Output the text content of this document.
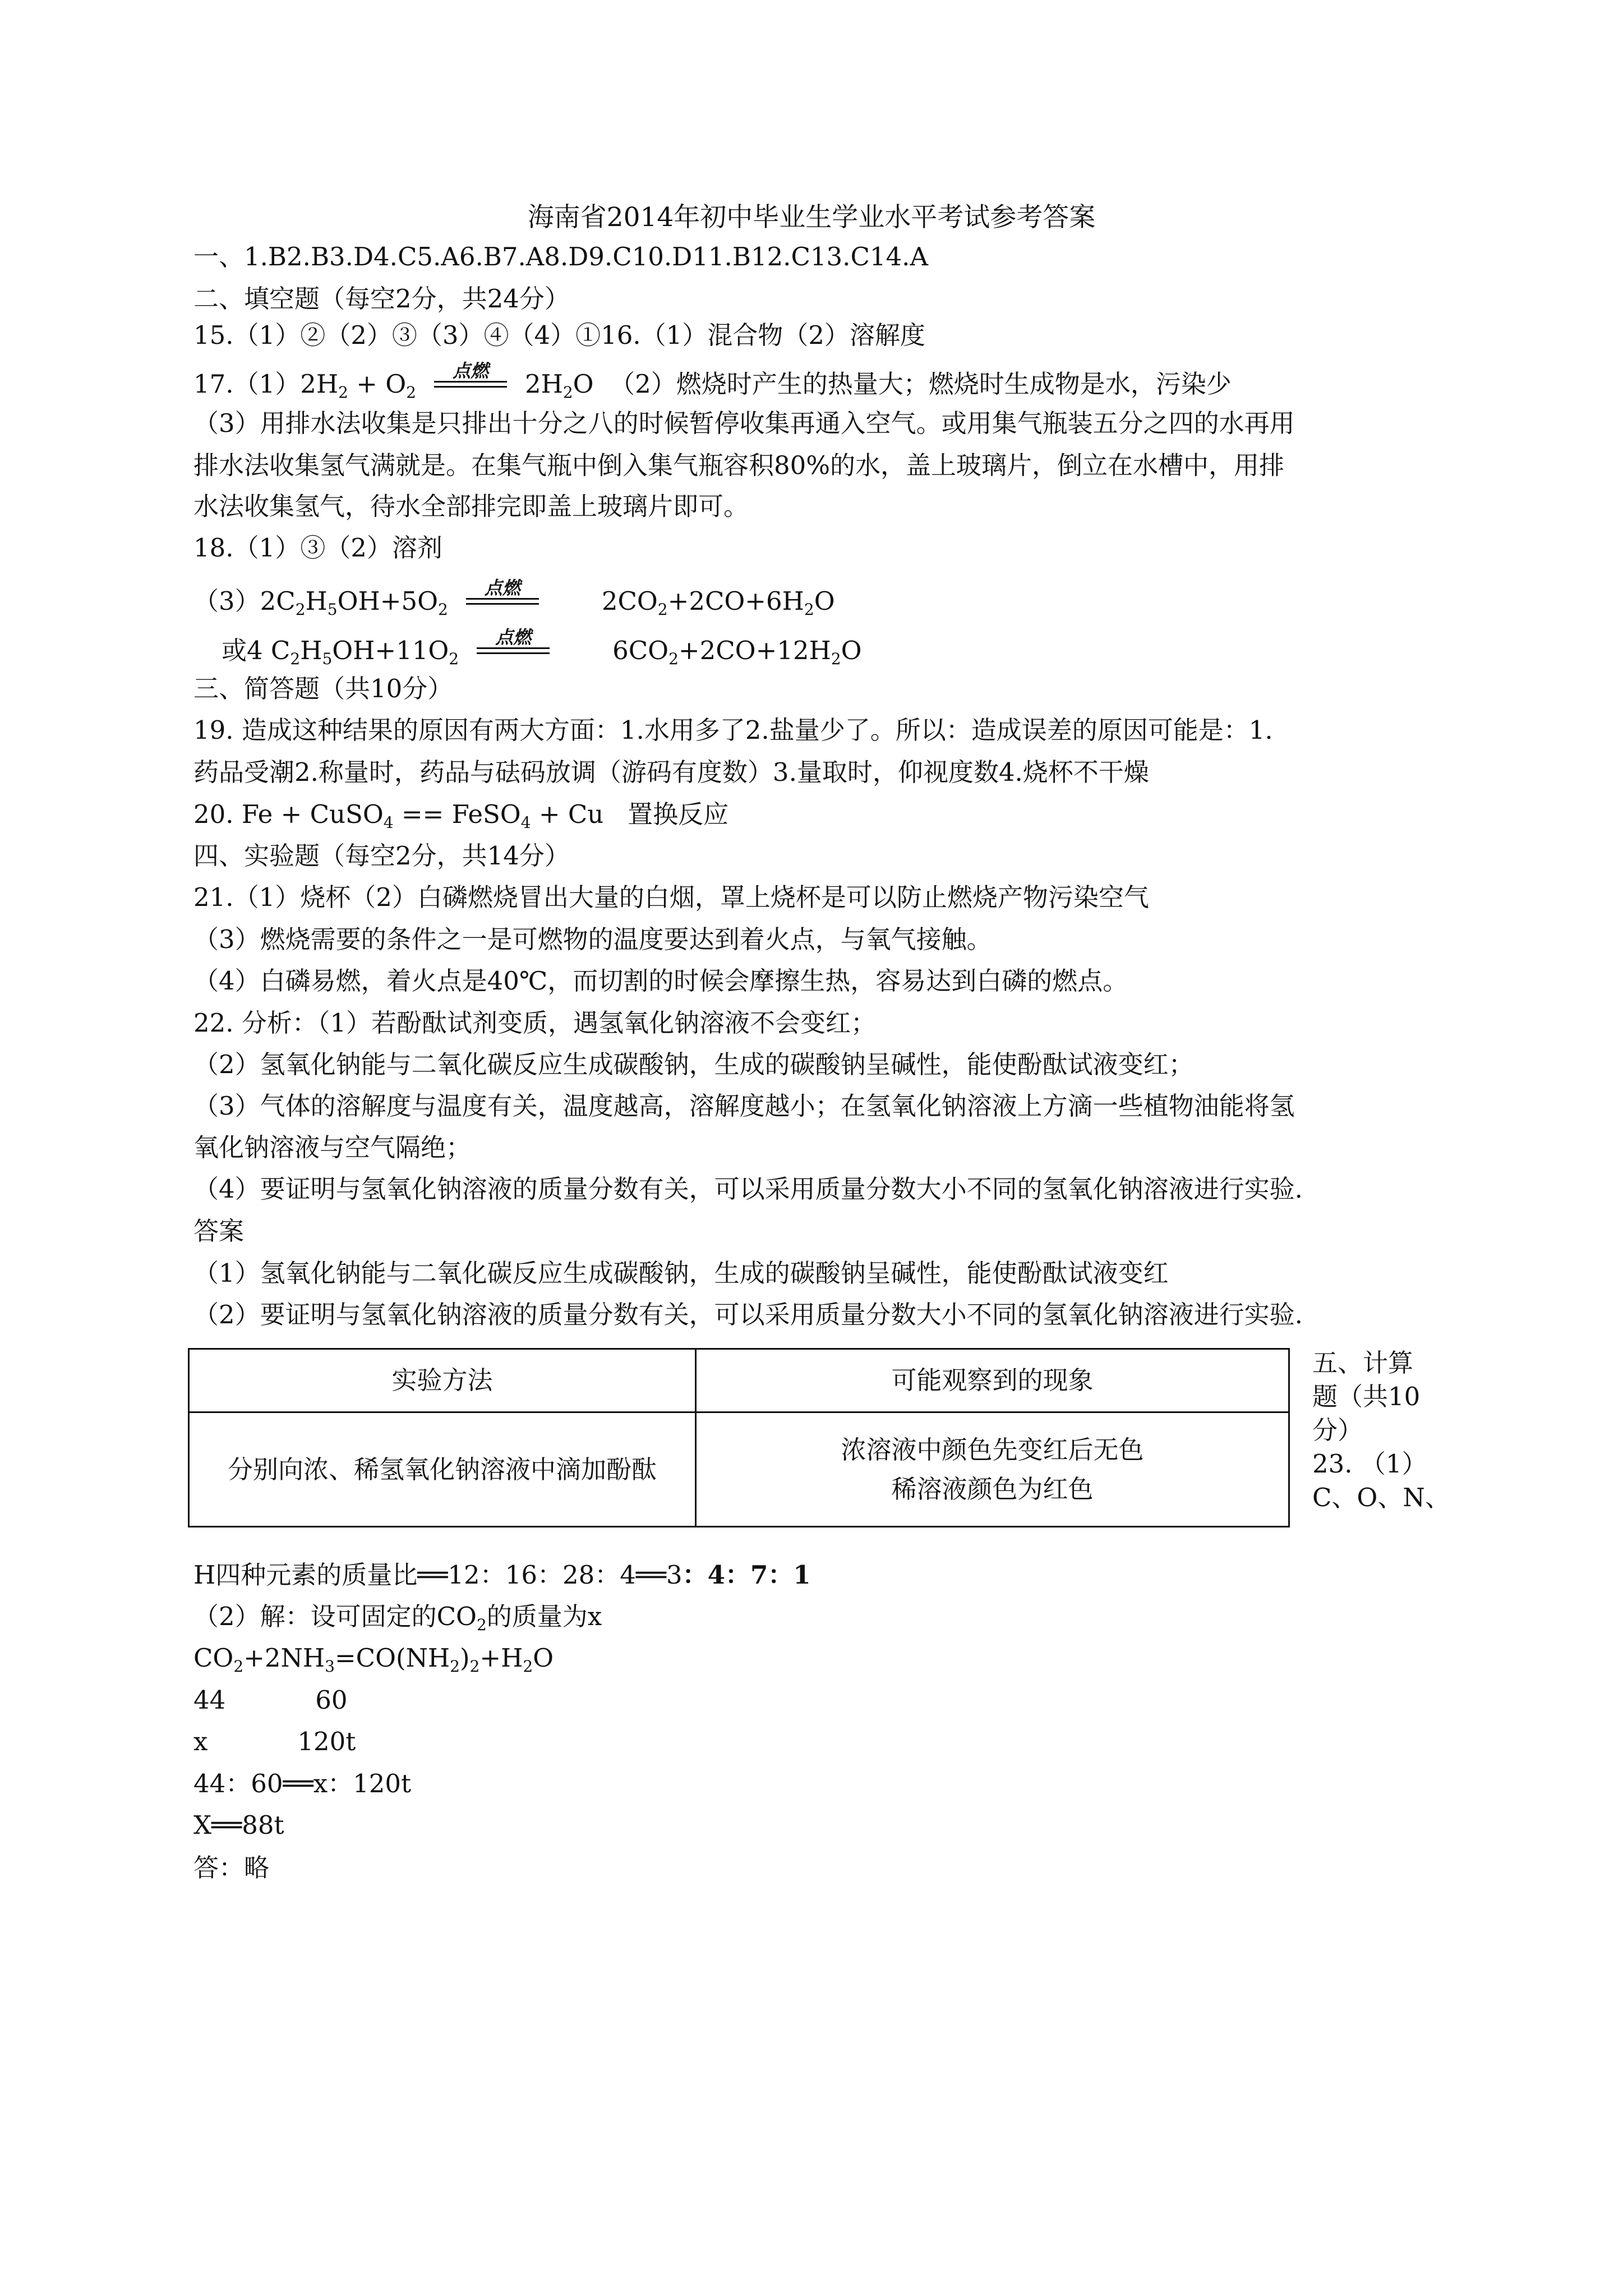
海南省2014年初中毕业生学业水平考试参考答案
一、1.B2.B3.D4.C5.A6.B7.A8.D9.C10.D11.B12.C13.C14.A
二、填空题（每空2分，共24分）
15.（1）②（2）③（3）④（4）①16.（1）混合物（2）溶解度
$17.(1)2H_2 + O_2$
点燃	$2H_2O$ （2）燃烧时产生的热量大；燃烧时生成物是水，污染少
（3）用排水法收集是只排出十分之八的时候暂停收集再通入空气。或用集气瓶装五分之四的水再用
排水法收集氢气满就是。在集气瓶中倒入集气瓶容积80%的水，盖上玻璃片，倒立在水槽中，用排
水法收集氢气，待水全部排完即盖上玻璃片即可。
18.（1）③（2）溶剂
$(3)2C_2H_5OH+5O_2$
点燃	$2CO_2+2CO+6H_2O$
或4 $C_2H_5OH+11O_2$
点燃	$6CO_2+2CO+12H_2O$
三、简答题（共10分）
19. 造成这种结果的原因有两大方面：1.水用多了2.盐量少了。所以：造成误差的原因可能是：1.
药品受潮2.称量时，药品与砝码放调（游码有度数）3.量取时，仰视度数4.烧杯不干燥
20. Fe + CuSO$_4$ == FeSO$_4$ + Cu 置换反应
四、实验题（每空2分，共14分）
21.（1）烧杯（2）白磷燃烧冒出大量的白烟，罩上烧杯是可以防止燃烧产物污染空气
（3）燃烧需要的条件之一是可燃物的温度要达到着火点，与氧气接触。
（4）白磷易燃，着火点是40℃，而切割的时候会摩擦生热，容易达到白磷的燃点。
22. 分析：（1）若酚酞试剂变质，遇氢氧化钠溶液不会变红；
（2）氢氧化钠能与二氧化碳反应生成碳酸钠，生成的碳酸钠呈碱性，能使酚酞试液变红；
（3）气体的溶解度与温度有关，温度越高，溶解度越小；在氢氧化钠溶液上方滴一些植物油能将氢
氧化钠溶液与空气隔绝；
（4）要证明与氢氧化钠溶液的质量分数有关，可以采用质量分数大小不同的氢氧化钠溶液进行实验.
答案
（1）氢氧化钠能与二氧化碳反应生成碳酸钠，生成的碳酸钠呈碱性，能使酚酞试液变红
（2）要证明与氢氧化钠溶液的质量分数有关，可以采用质量分数大小不同的氢氧化钠溶液进行实验.
实验方法	可能观察到的现象
分别向浓、稀氢氧化钠溶液中滴加酚酞	浓溶液中颜色先变红后无色
稀溶液颜色为红色
五、计算
题（共10
分）
23. （1）
C、O、N、
H四种元素的质量比══12：16：28：4══3：4：7：1
（2）解：设可固定的$CO_2$的质量为x
$CO_2+2NH_3=CO(NH_2)_2+H_2O$
44	60
x	120t
44：60══x：120t
X══88t
答：略
